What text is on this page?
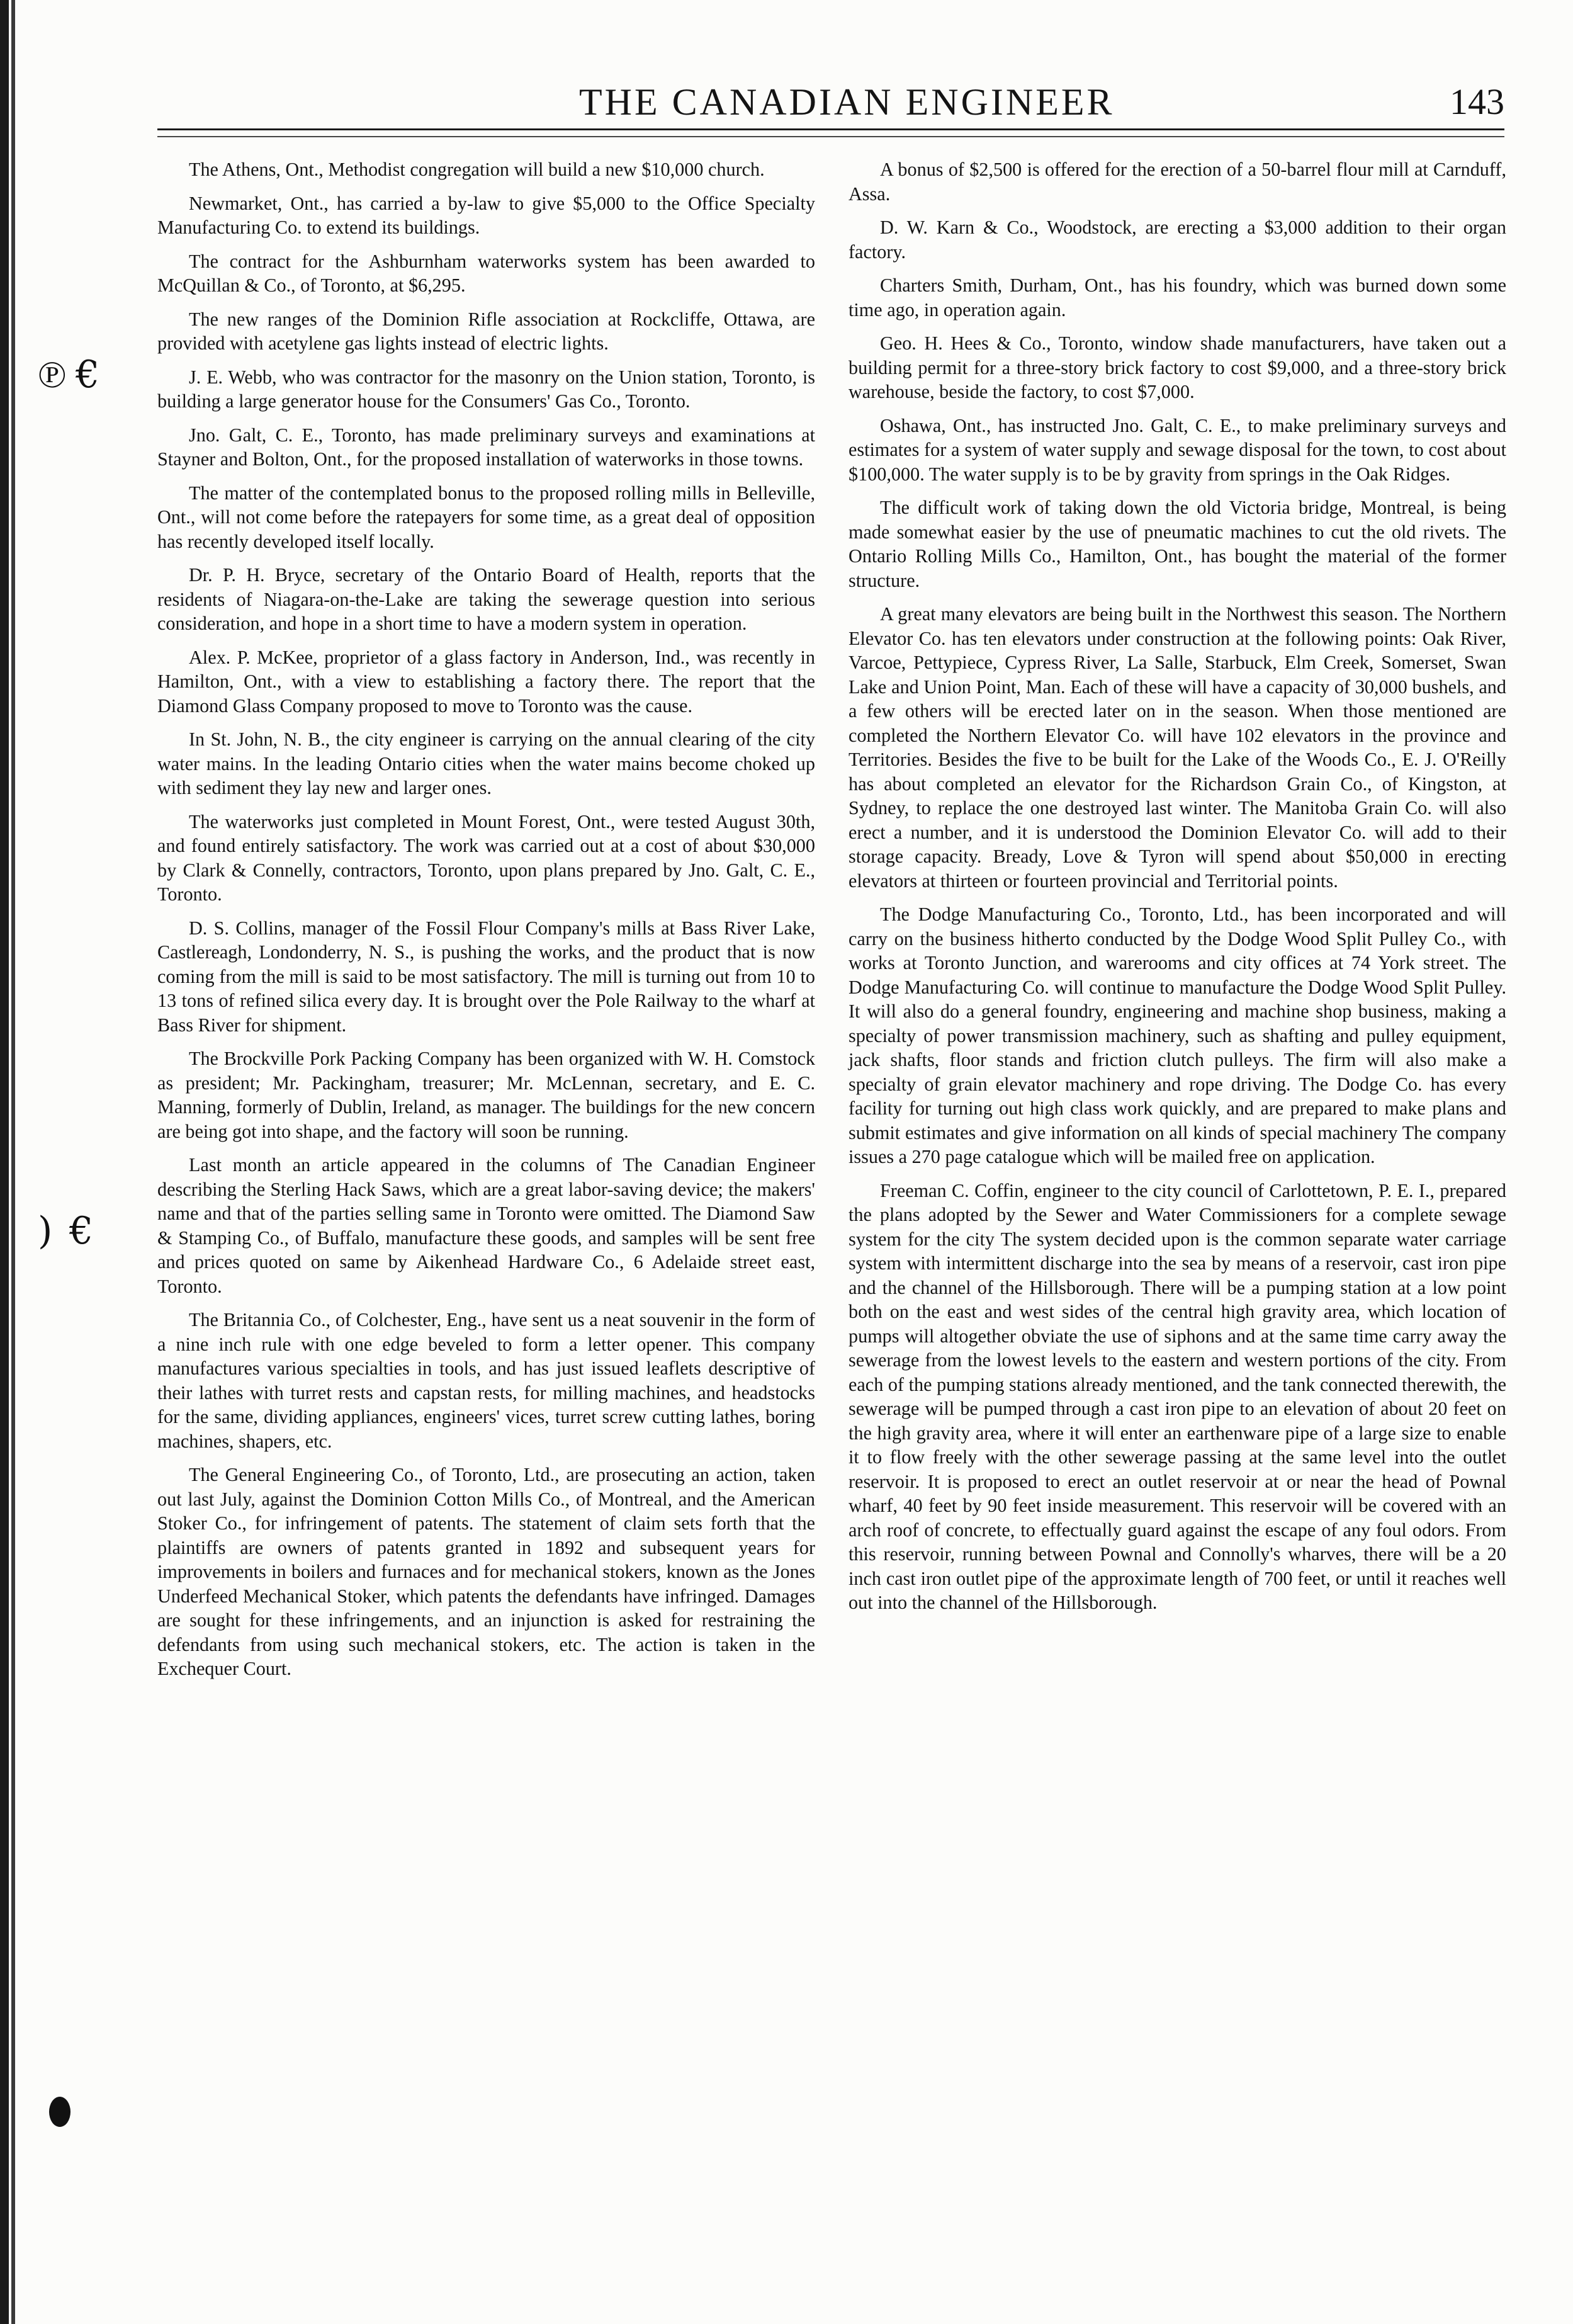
℗ €
) €
THE CANADIAN ENGINEER	143

The Athens, Ont., Methodist congregation will build a new $10,000 church.

Newmarket, Ont., has carried a by-law to give $5,000 to the Office Specialty Manufacturing Co. to extend its buildings.

The contract for the Ashburnham waterworks system has been awarded to McQuillan & Co., of Toronto, at $6,295.

The new ranges of the Dominion Rifle association at Rockcliffe, Ottawa, are provided with acetylene gas lights instead of electric lights.

J. E. Webb, who was contractor for the masonry on the Union station, Toronto, is building a large generator house for the Consumers' Gas Co., Toronto.

Jno. Galt, C. E., Toronto, has made preliminary surveys and examinations at Stayner and Bolton, Ont., for the proposed installation of waterworks in those towns.

The matter of the contemplated bonus to the proposed rolling mills in Belleville, Ont., will not come before the ratepayers for some time, as a great deal of opposition has recently developed itself locally.

Dr. P. H. Bryce, secretary of the Ontario Board of Health, reports that the residents of Niagara-on-the-Lake are taking the sewerage question into serious consideration, and hope in a short time to have a modern system in operation.

Alex. P. McKee, proprietor of a glass factory in Anderson, Ind., was recently in Hamilton, Ont., with a view to establishing a factory there. The report that the Diamond Glass Company proposed to move to Toronto was the cause.

In St. John, N. B., the city engineer is carrying on the annual clearing of the city water mains. In the leading Ontario cities when the water mains become choked up with sediment they lay new and larger ones.

The waterworks just completed in Mount Forest, Ont., were tested August 30th, and found entirely satisfactory. The work was carried out at a cost of about $30,000 by Clark & Connelly, contractors, Toronto, upon plans prepared by Jno. Galt, C. E., Toronto.

D. S. Collins, manager of the Fossil Flour Company's mills at Bass River Lake, Castlereagh, Londonderry, N. S., is pushing the works, and the product that is now coming from the mill is said to be most satisfactory. The mill is turning out from 10 to 13 tons of refined silica every day. It is brought over the Pole Railway to the wharf at Bass River for shipment.

The Brockville Pork Packing Company has been organized with W. H. Comstock as president; Mr. Packingham, treasurer; Mr. McLennan, secretary, and E. C. Manning, formerly of Dublin, Ireland, as manager. The buildings for the new concern are being got into shape, and the factory will soon be running.

Last month an article appeared in the columns of The Canadian Engineer describing the Sterling Hack Saws, which are a great labor-saving device; the makers' name and that of the parties selling same in Toronto were omitted. The Diamond Saw & Stamping Co., of Buffalo, manufacture these goods, and samples will be sent free and prices quoted on same by Aikenhead Hardware Co., 6 Adelaide street east, Toronto.

The Britannia Co., of Colchester, Eng., have sent us a neat souvenir in the form of a nine inch rule with one edge beveled to form a letter opener. This company manufactures various specialties in tools, and has just issued leaflets descriptive of their lathes with turret rests and capstan rests, for milling machines, and headstocks for the same, dividing appliances, engineers' vices, turret screw cutting lathes, boring machines, shapers, etc.

The General Engineering Co., of Toronto, Ltd., are prosecuting an action, taken out last July, against the Dominion Cotton Mills Co., of Montreal, and the American Stoker Co., for infringement of patents. The statement of claim sets forth that the plaintiffs are owners of patents granted in 1892 and subsequent years for improvements in boilers and furnaces and for mechanical stokers, known as the Jones Underfeed Mechanical Stoker, which patents the defendants have infringed. Damages are sought for these infringements, and an injunction is asked for restraining the defendants from using such mechanical stokers, etc. The action is taken in the Exchequer Court.

A bonus of $2,500 is offered for the erection of a 50-barrel flour mill at Carnduff, Assa.

D. W. Karn & Co., Woodstock, are erecting a $3,000 addition to their organ factory.

Charters Smith, Durham, Ont., has his foundry, which was burned down some time ago, in operation again.

Geo. H. Hees & Co., Toronto, window shade manufacturers, have taken out a building permit for a three-story brick factory to cost $9,000, and a three-story brick warehouse, beside the factory, to cost $7,000.

Oshawa, Ont., has instructed Jno. Galt, C. E., to make preliminary surveys and estimates for a system of water supply and sewage disposal for the town, to cost about $100,000. The water supply is to be by gravity from springs in the Oak Ridges.

The difficult work of taking down the old Victoria bridge, Montreal, is being made somewhat easier by the use of pneumatic machines to cut the old rivets. The Ontario Rolling Mills Co., Hamilton, Ont., has bought the material of the former structure.

A great many elevators are being built in the Northwest this season. The Northern Elevator Co. has ten elevators under construction at the following points: Oak River, Varcoe, Pettypiece, Cypress River, La Salle, Starbuck, Elm Creek, Somerset, Swan Lake and Union Point, Man. Each of these will have a capacity of 30,000 bushels, and a few others will be erected later on in the season. When those mentioned are completed the Northern Elevator Co. will have 102 elevators in the province and Territories. Besides the five to be built for the Lake of the Woods Co., E. J. O'Reilly has about completed an elevator for the Richardson Grain Co., of Kingston, at Sydney, to replace the one destroyed last winter. The Manitoba Grain Co. will also erect a number, and it is understood the Dominion Elevator Co. will add to their storage capacity. Bready, Love & Tyron will spend about $50,000 in erecting elevators at thirteen or fourteen provincial and Territorial points.

The Dodge Manufacturing Co., Toronto, Ltd., has been incorporated and will carry on the business hitherto conducted by the Dodge Wood Split Pulley Co., with works at Toronto Junction, and warerooms and city offices at 74 York street. The Dodge Manufacturing Co. will continue to manufacture the Dodge Wood Split Pulley. It will also do a general foundry, engineering and machine shop business, making a specialty of power transmission machinery, such as shafting and pulley equipment, jack shafts, floor stands and friction clutch pulleys. The firm will also make a specialty of grain elevator machinery and rope driving. The Dodge Co. has every facility for turning out high class work quickly, and are prepared to make plans and submit estimates and give information on all kinds of special machinery The company issues a 270 page catalogue which will be mailed free on application.

Freeman C. Coffin, engineer to the city council of Carlottetown, P. E. I., prepared the plans adopted by the Sewer and Water Commissioners for a complete sewage system for the city The system decided upon is the common separate water carriage system with intermittent discharge into the sea by means of a reservoir, cast iron pipe and the channel of the Hillsborough. There will be a pumping station at a low point both on the east and west sides of the central high gravity area, which location of pumps will altogether obviate the use of siphons and at the same time carry away the sewerage from the lowest levels to the eastern and western portions of the city. From each of the pumping stations already mentioned, and the tank connected therewith, the sewerage will be pumped through a cast iron pipe to an elevation of about 20 feet on the high gravity area, where it will enter an earthenware pipe of a large size to enable it to flow freely with the other sewerage passing at the same level into the outlet reservoir. It is proposed to erect an outlet reservoir at or near the head of Pownal wharf, 40 feet by 90 feet inside measurement. This reservoir will be covered with an arch roof of concrete, to effectually guard against the escape of any foul odors. From this reservoir, running between Pownal and Connolly's wharves, there will be a 20 inch cast iron outlet pipe of the approximate length of 700 feet, or until it reaches well out into the channel of the Hillsborough.
